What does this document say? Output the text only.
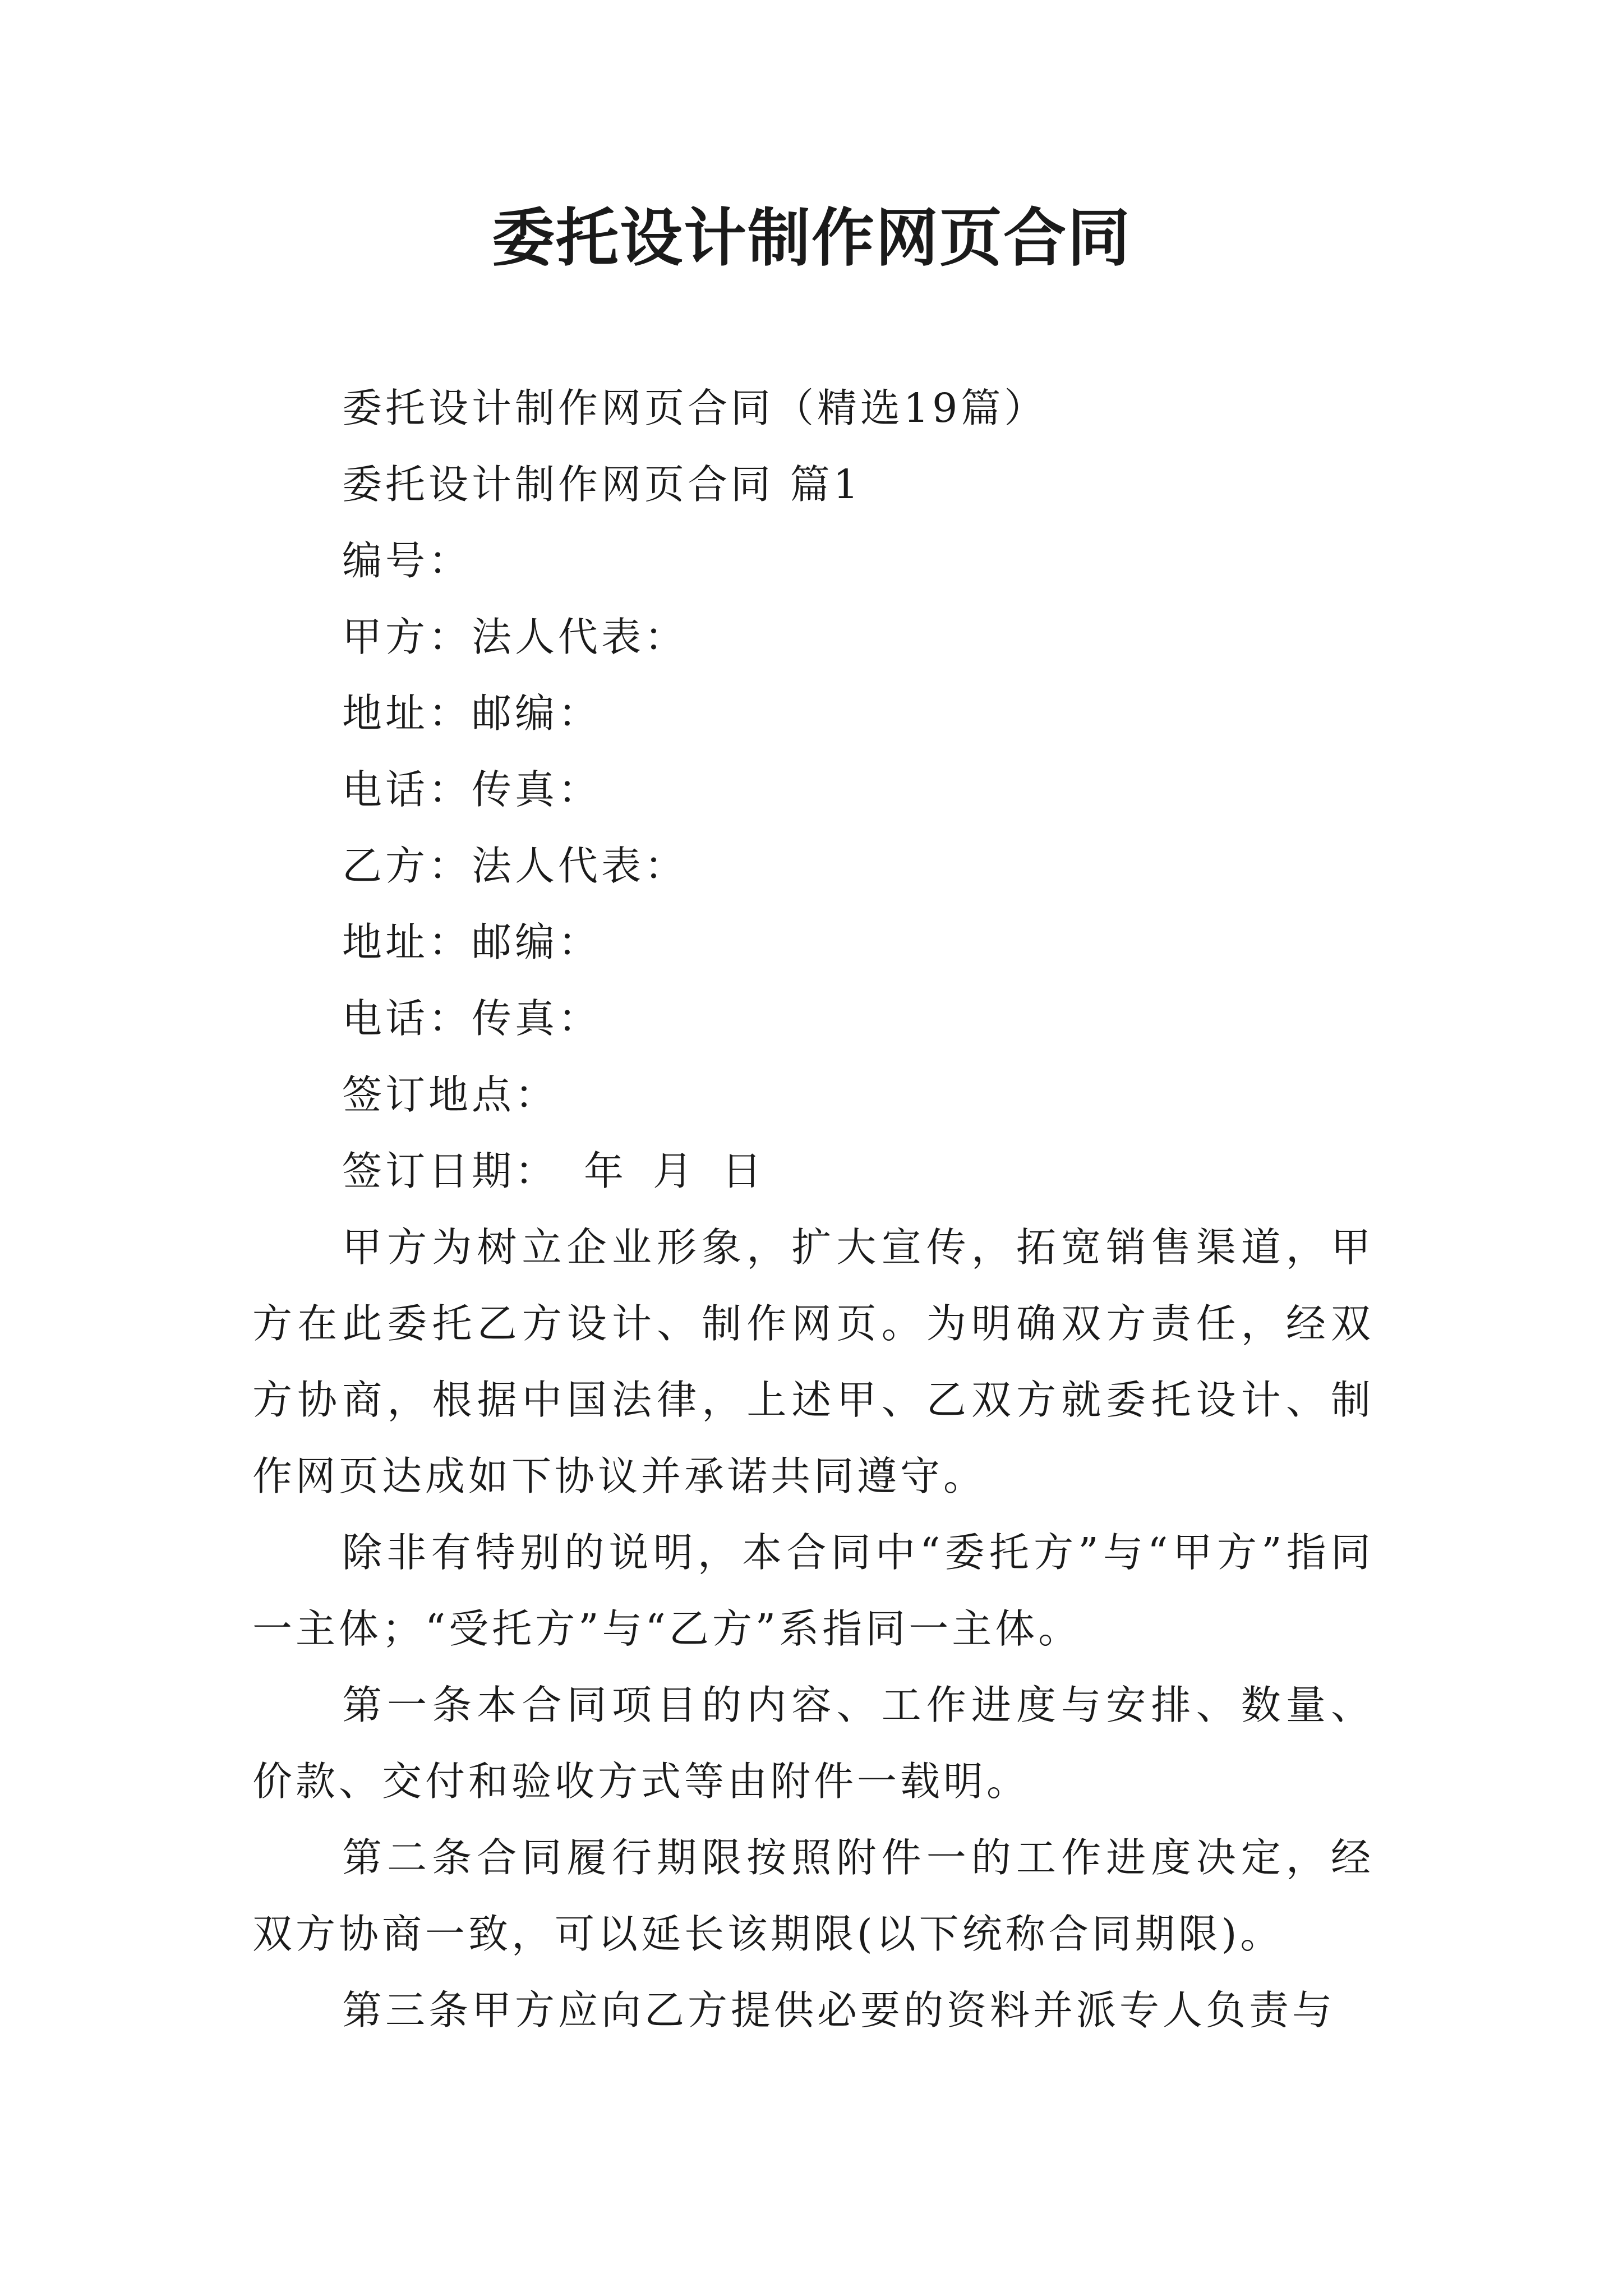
委托设计制作网页合同

委托设计制作网页合同（精选19篇）

委托设计制作网页合同 篇1

编号：

甲方：法人代表：

地址：邮编：

电话：传真：

乙方：法人代表：

地址：邮编：

电话：传真：

签订地点：

签订日期： 年 月 日

甲方为树立企业形象，扩大宣传，拓宽销售渠道，甲方在此委托乙方设计、制作网页。为明确双方责任，经双方协商，根据中国法律，上述甲、乙双方就委托设计、制作网页达成如下协议并承诺共同遵守。

除非有特别的说明，本合同中“委托方”与“甲方”指同一主体；“受托方”与“乙方”系指同一主体。

第一条本合同项目的内容、工作进度与安排、数量、价款、交付和验收方式等由附件一载明。

第二条合同履行期限按照附件一的工作进度决定，经双方协商一致，可以延长该期限(以下统称合同期限)。

第三条甲方应向乙方提供必要的资料并派专人负责与
